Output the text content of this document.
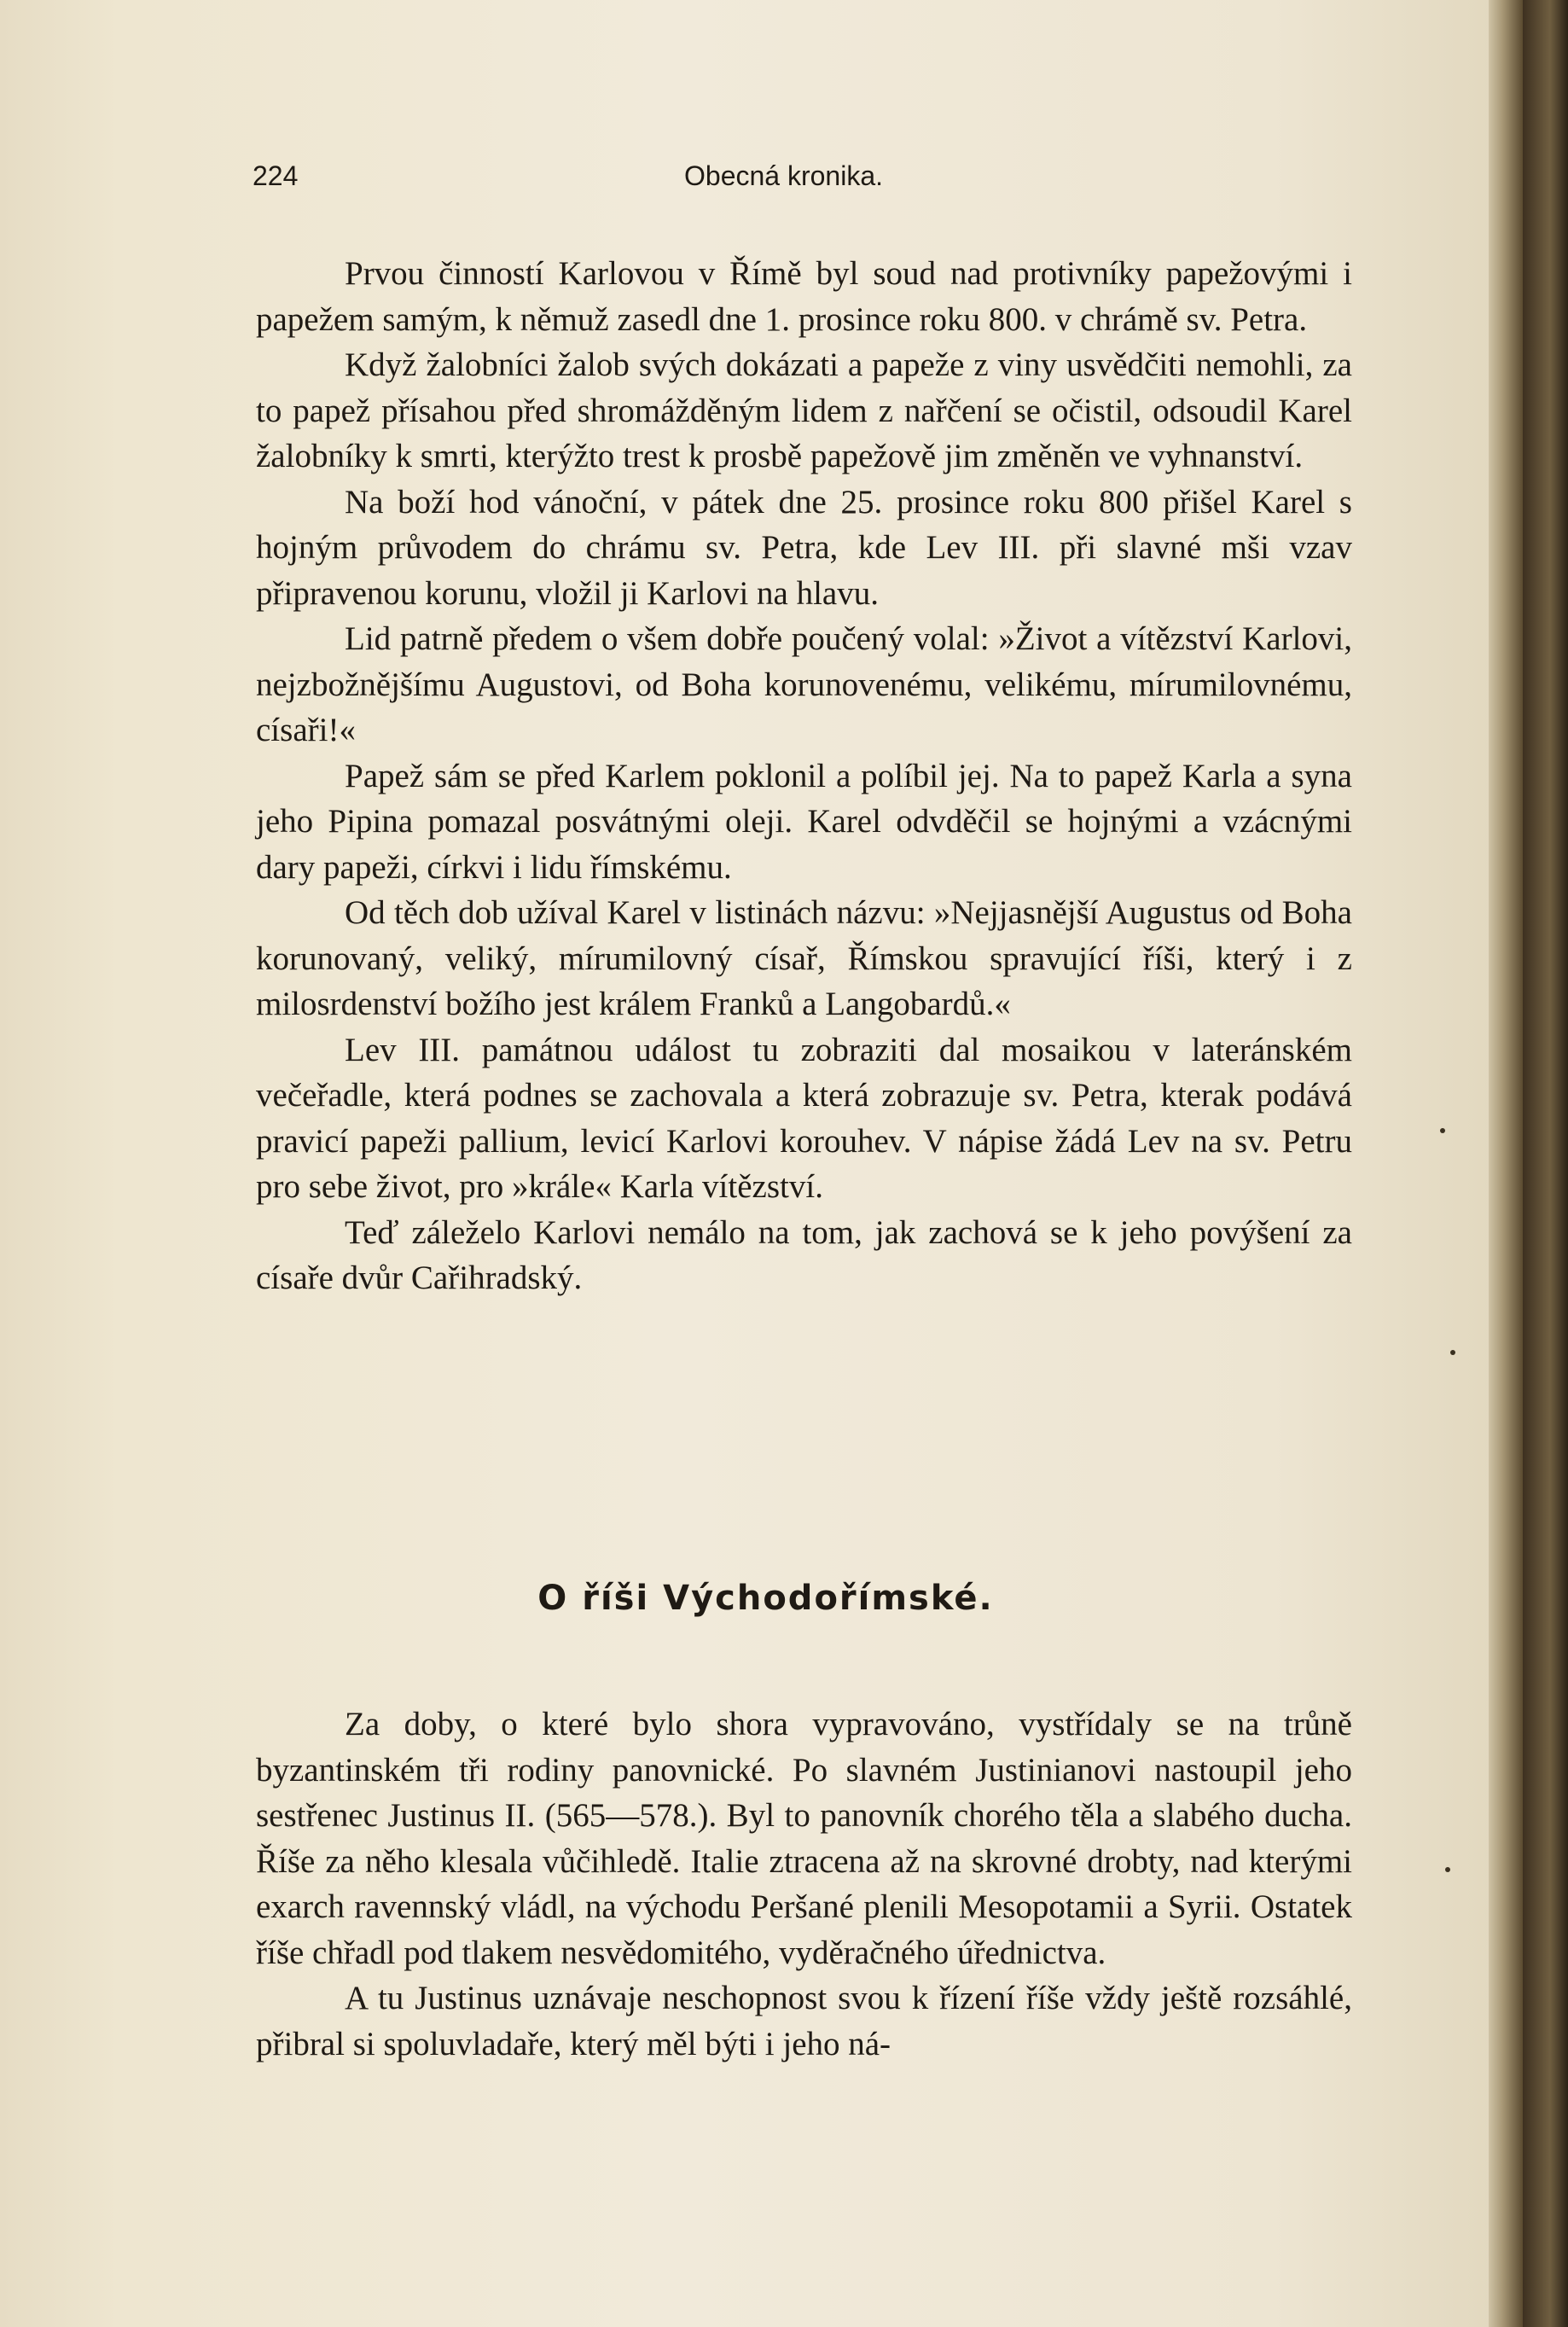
224	Obecná kronika.

Prvou činností Karlovou v Římě byl soud nad protivníky papežovými i papežem samým, k němuž zasedl dne 1. prosince roku 800. v chrámě sv. Petra.

Když žalobníci žalob svých dokázati a papeže z viny usvědčiti nemohli, za to papež přísahou před shromážděným lidem z nařčení se očistil, odsoudil Karel žalobníky k smrti, kterýžto trest k prosbě papežově jim změněn ve vyhnanství.

Na boží hod vánoční, v pátek dne 25. prosince roku 800 přišel Karel s hojným průvodem do chrámu sv. Petra, kde Lev III. při slavné mši vzav připravenou korunu, vložil ji Karlovi na hlavu.

Lid patrně předem o všem dobře poučený volal: »Život a vítězství Karlovi, nejzbožnějšímu Augustovi, od Boha korunovenému, velikému, mírumilovnému, císaři!«

Papež sám se před Karlem poklonil a políbil jej. Na to papež Karla a syna jeho Pipina pomazal posvátnými oleji. Karel odvděčil se hojnými a vzácnými dary papeži, církvi i lidu římskému.

Od těch dob užíval Karel v listinách názvu: »Nejjasnější Augustus od Boha korunovaný, veliký, mírumilovný císař, Římskou spravující říši, který i z milosrdenství božího jest králem Franků a Langobardů.«

Lev III. památnou událost tu zobraziti dal mosaikou v lateránském večeřadle, která podnes se zachovala a která zobrazuje sv. Petra, kterak podává pravicí papeži pallium, levicí Karlovi korouhev. V nápise žádá Lev na sv. Petru pro sebe život, pro »krále« Karla vítězství.

Teď záleželo Karlovi nemálo na tom, jak zachová se k jeho povýšení za císaře dvůr Cařihradský.

O říši Východořímské.

Za doby, o které bylo shora vypravováno, vystřídaly se na trůně byzantinském tři rodiny panovnické. Po slavném Justinianovi nastoupil jeho sestřenec Justinus II. (565—578.). Byl to panovník chorého těla a slabého ducha. Říše za něho klesala vůčihledě. Italie ztracena až na skrovné drobty, nad kterými exarch ravennský vládl, na východu Peršané plenili Mesopotamii a Syrii. Ostatek říše chřadl pod tlakem nesvědomitého, vyděračného úřednictva.

A tu Justinus uznávaje neschopnost svou k řízení říše vždy ještě rozsáhlé, přibral si spoluvladaře, který měl býti i jeho ná-
